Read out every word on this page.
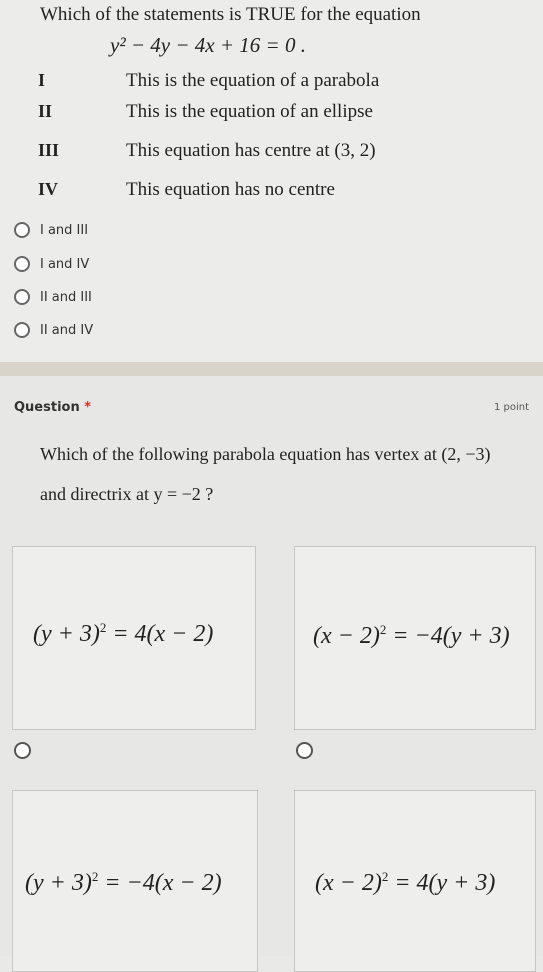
Which of the statements is TRUE for the equation
y² − 4y − 4x + 16 = 0 .
I	This is the equation of a parabola
II	This is the equation of an ellipse
III	This equation has centre at (3, 2)
IV	This equation has no centre
I and III
I and IV
II and III
II and IV
Question *	1 point
Which of the following parabola equation has vertex at (2, −3)
and directrix at y = −2 ?
$(y + 3)^2 = 4(x - 2)$	$(x - 2)^2 = -4(y + 3)$
$(y + 3)^2 = -4(x - 2)$	$(x - 2)^2 = 4(y + 3)$
